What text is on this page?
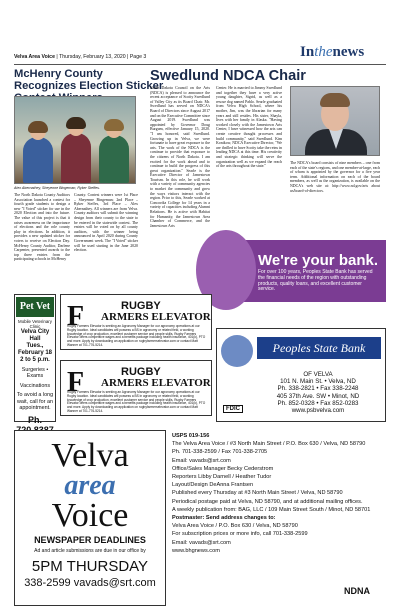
Velva Area Voice | Thursday, February 13, 2020 | Page 3	Inthenews
McHenry County Recognizes Election Sticker
Alex Abernathey, Sheyenne Bingeman, Ryker Steffes.
The North Dakota County Auditors Association launched a contest for fourth grade students to design a new "I Voted" sticker for use in the 2020 Election and into the future. The value of this project is that it raises awareness on the importance of elections and the role county play in elections. In addition, it provides a new updated sticker for voters to receive on Election Day. McHenry County Auditor, Darlene Carpenter, presented awards to the top three entries from the participating schools in McHenry
County. Contest winners were 1st Place – Sheyenne Bingeman; 2nd Place – Ryker Steffes, 3rd Place – Alex Abernathey. All winners are from Velva. County auditors will submit the winning design from their county to the state to be entered in the statewide contest. The entries will be voted on by all county auditors, with the winner being announced in April 2020 during County Government week. The "I Voted" sticker will be used starting in the June 2020 election.
Swedlund NDCA Chair
North Dakota Council on the Arts (NDCA) is pleased to announce the recent acceptance of Scotty Swedlund of Valley City as its Board Chair. Mr. Swedlund has served on NDCA's Board of Directors since August 2017 and on the Executive Committee since August 2019. Swedlund was appointed by Governor Doug Burgum, effective January 15, 2020. "I am honored, said Swedlund. Growing up in Velva, we were fortunate to have great exposure to the arts. The work of the NDCA is the continue to provide that exposure to the citizens of North Dakota. I am excited for the work ahead and to continue to build the progress of this great organization." Searle is the Executive Director of Jamestown Tourism. In this role, he will work with a variety of community agencies to market the community and grow the ways visitors interact with the region. Prior to this, Searle worked at Concordia College for 14 years in a variety of capacities including Alumni Relations. He is active with Habitat for Humanity, the Jamestown Area Chamber of Commerce, and the Jamestown Arts
Center. He is married to Jimmy Swedlund and together they have a very active young daughter, Sigrid, as well as a rescue dog named Pablo. Searle graduated from Velva High School, where his mother, Jim, was the librarian for many years and still resides. His sister, Shayla, lives with her family in Alaska. "Having worked closely with the Jamestown Arts Center, I have witnessed how the arts can create creative thought processes and build community," said Swedlund. Kim Konikow, NDCA Executive Director, "We are thrilled to have Scotty take the reins in leading NDCA at this time. His creativity and strategic thinking will serve the organization well as we expand the reach of the arts throughout the state."
The NDCA's board consists of nine members – one from each of the state's regions, and one member-at-large, each of whom is appointed by the governor for a five year term. Additional information on each of the board members, as well as the organization, is available on the NDCA's web site at: http://www.nd.gov/arts about us/board-of-directors.
We're your bank.
For over 100 years, Peoples State Bank has served the financial needs of the region with outstanding products, quality loans, and excellent customer service.
F	RUGBY
ARMERS ELEVATOR
Rugby Farmers Elevator is seeking an Agronomy Manager for our agronomy operations at our Rugby location. Ideal candidates will possess a BS in agronomy or related field, a working knowledge of crop production, excellent customer service and people skills. Rugby Farmers Elevator offers competitive wages and a benefits package including health insurance, 401(k), PTO and more. Apply by downloading an application on rugbyfarmerselevator.com or contact Matt Wanner at 701-776-5214.
F	RUGBY
ARMERS ELEVATOR
Rugby Farmers Elevator is seeking an Agronomy Manager for our agronomy operations at our Rugby location. Ideal candidates will possess a BS in agronomy or related field, a working knowledge of crop production, excellent customer service and people skills. Rugby Farmers Elevator offers competitive wages and a benefits package including health insurance, 401(k), PTO and more. Apply by downloading an application on rugbyfarmerselevator.com or contact Matt Wanner at 701-776-5214.
Pet Vet
Mobile Veterinary Clinic
Velva City Hall
Tues., February 18
2 to 5 p.m.
Surgeries • Exams
Vaccinations
To avoid a long wait, call for an appointment.
Ph.
Peoples State Bank
OF VELVA
101 N. Main St. • Velva, ND
Ph. 338-2821 • Fax 338-2248
405 37th Ave. SW • Minot, ND
Ph. 852-0328 • Fax 852-0283
www.psbvelva.com
FDIC
Velva
area
Voice
NEWSPAPER DEADLINES
Ad and article submissions are due in our office by
5PM THURSDAY
338-2599 vavads@srt.com
USPS 019-156
The Velva Area Voice / #3 North Main Street / P.O. Box 630 / Velva, ND 58790
Ph. 701-338-2599 / Fax 701-338-2705
Email: vavads@srt.com
Office/Sales Manager Becky Cederstrom
Reporters Libby Darnell / Heather Tudor
Layout/Design DeAnna Frantsen
Published every Thursday at #3 North Main Street / Velva, ND 58790
Periodical postage paid at Velva, ND 58790, and at additional mailing offices.
A weekly publication from: BAG, LLC / 109 Main Street South / Minot, ND 58701
Postmaster: Send address changes to:
Velva Area Voice / P.O. Box 630 / Velva, ND 58790
For subscription prices or more info, call 701-338-2599
Email: vavads@srt.com
www.bhgnews.com
NDNA
